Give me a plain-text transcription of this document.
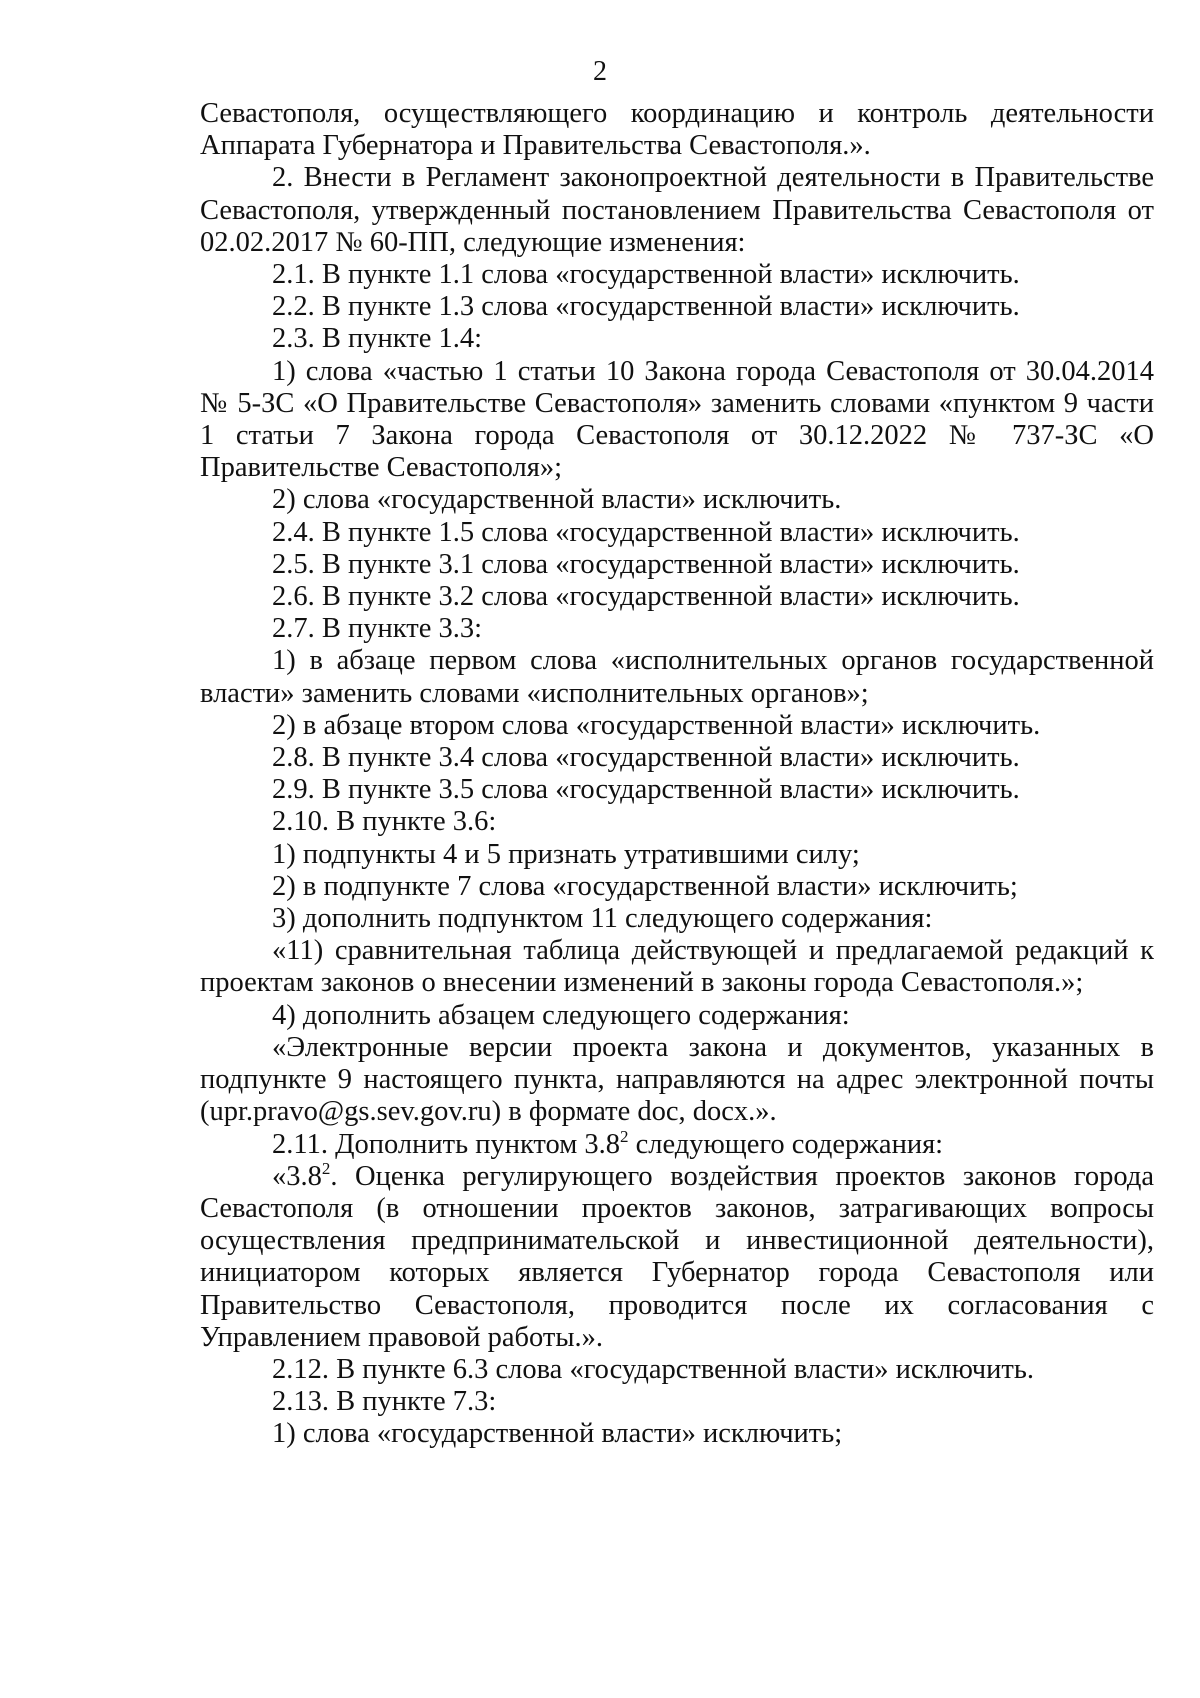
2

Севастополя, осуществляющего координацию и контроль деятельности Аппарата Губернатора и Правительства Севастополя.».

2. Внести в Регламент законопроектной деятельности в Правительстве Севастополя, утвержденный постановлением Правительства Севастополя от 02.02.2017 № 60-ПП, следующие изменения:

2.1. В пункте 1.1 слова «государственной власти» исключить.

2.2. В пункте 1.3 слова «государственной власти» исключить.

2.3. В пункте 1.4:

1) слова «частью 1 статьи 10 Закона города Севастополя от 30.04.2014 № 5-ЗС «О Правительстве Севастополя» заменить словами «пунктом 9 части 1 статьи 7 Закона города Севастополя от 30.12.2022 № 737-ЗС «О Правительстве Севастополя»;

2) слова «государственной власти» исключить.

2.4. В пункте 1.5 слова «государственной власти» исключить.

2.5. В пункте 3.1 слова «государственной власти» исключить.

2.6. В пункте 3.2 слова «государственной власти» исключить.

2.7. В пункте 3.3:

1) в абзаце первом слова «исполнительных органов государственной власти» заменить словами «исполнительных органов»;

2) в абзаце втором слова «государственной власти» исключить.

2.8. В пункте 3.4 слова «государственной власти» исключить.

2.9. В пункте 3.5 слова «государственной власти» исключить.

2.10. В пункте 3.6:

1) подпункты 4 и 5 признать утратившими силу;

2) в подпункте 7 слова «государственной власти» исключить;

3) дополнить подпунктом 11 следующего содержания:

«11) сравнительная таблица действующей и предлагаемой редакций к проектам законов о внесении изменений в законы города Севастополя.»;

4) дополнить абзацем следующего содержания:

«Электронные версии проекта закона и документов, указанных в подпункте 9 настоящего пункта, направляются на адрес электронной почты (upr.pravo@gs.sev.gov.ru) в формате doc, docx.».

2.11. Дополнить пунктом $3.8^2$ следующего содержания:

«$3.8^2$. Оценка регулирующего воздействия проектов законов города Севастополя (в отношении проектов законов, затрагивающих вопросы осуществления предпринимательской и инвестиционной деятельности), инициатором которых является Губернатор города Севастополя или Правительство Севастополя, проводится после их согласования с Управлением правовой работы.».

2.12. В пункте 6.3 слова «государственной власти» исключить.

2.13. В пункте 7.3:

1) слова «государственной власти» исключить;
